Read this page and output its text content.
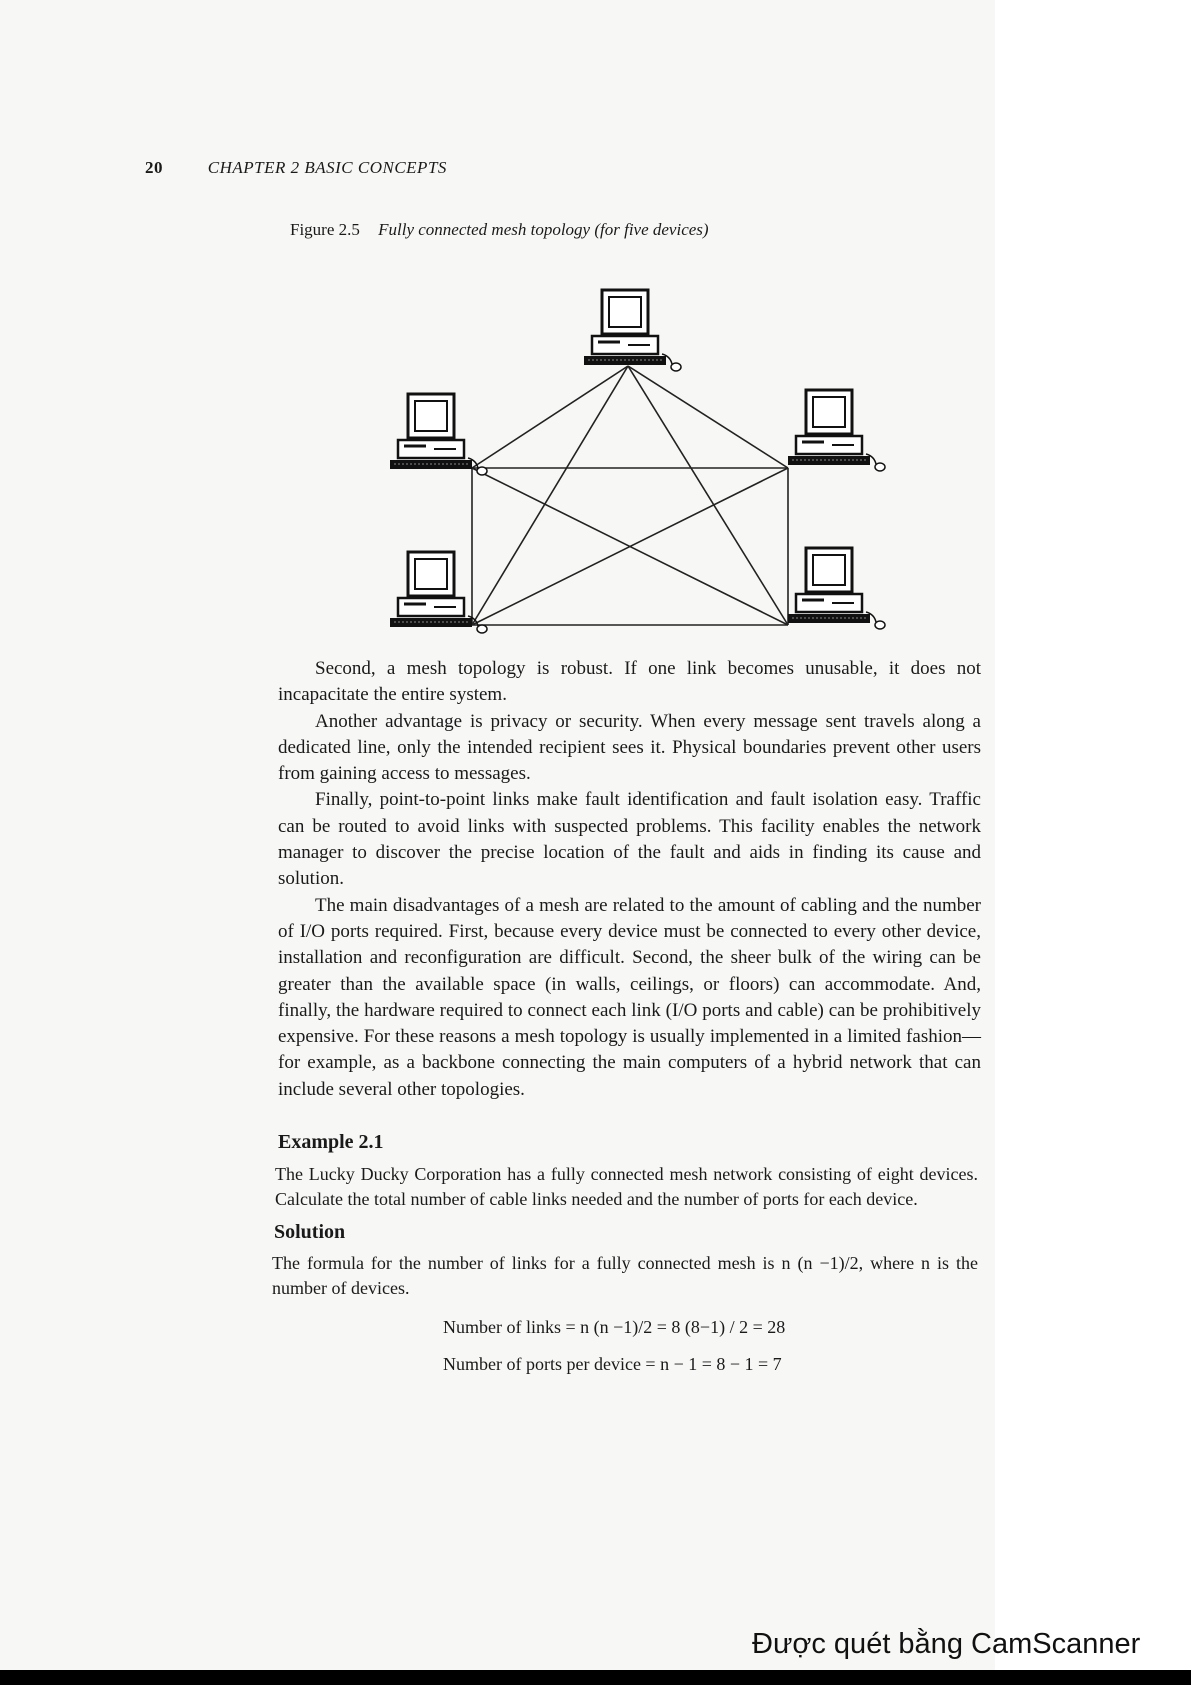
20	CHAPTER 2 BASIC CONCEPTS
Figure 2.5 Fully connected mesh topology (for five devices)

Second, a mesh topology is robust. If one link becomes unusable, it does not incapacitate the entire system.

Another advantage is privacy or security. When every message sent travels along a dedicated line, only the intended recipient sees it. Physical boundaries prevent other users from gaining access to messages.

Finally, point-to-point links make fault identification and fault isolation easy. Traffic can be routed to avoid links with suspected problems. This facility enables the network manager to discover the precise location of the fault and aids in finding its cause and solution.

The main disadvantages of a mesh are related to the amount of cabling and the number of I/O ports required. First, because every device must be connected to every other device, installation and reconfiguration are difficult. Second, the sheer bulk of the wiring can be greater than the available space (in walls, ceilings, or floors) can accommodate. And, finally, the hardware required to connect each link (I/O ports and cable) can be prohibitively expensive. For these reasons a mesh topology is usually implemented in a limited fashion—for example, as a backbone connecting the main computers of a hybrid network that can include several other topologies.

Example 2.1
The Lucky Ducky Corporation has a fully connected mesh network consisting of eight devices. Calculate the total number of cable links needed and the number of ports for each device.
Solution
The formula for the number of links for a fully connected mesh is n (n −1)/2, where n is the number of devices.
Number of links = n (n −1)/2 = 8 (8−1) / 2 = 28
Number of ports per device = n − 1 = 8 − 1 = 7
Được quét bằng CamScanner
